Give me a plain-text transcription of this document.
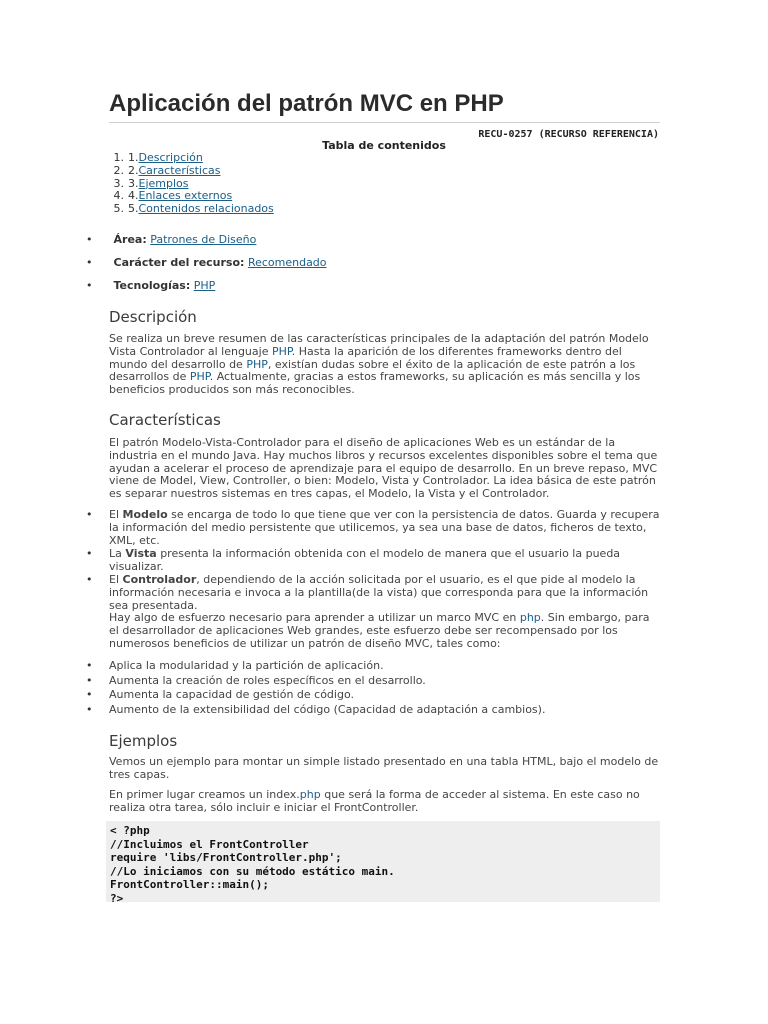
Aplicación del patrón MVC en PHP
RECU-0257 (RECURSO REFERENCIA)
Tabla de contenidos
1. 1. Descripción
2. 2. Características
3. 3. Ejemplos
4. 4. Enlaces externos
5. 5. Contenidos relacionados
• Área: Patrones de Diseño
• Carácter del recurso: Recomendado
• Tecnologías: PHP
Descripción
Se realiza un breve resumen de las características principales de la adaptación del patrón Modelo Vista Controlador al lenguaje PHP. Hasta la aparición de los diferentes frameworks dentro del mundo del desarrollo de PHP, existían dudas sobre el éxito de la aplicación de este patrón a los desarrollos de PHP. Actualmente, gracias a estos frameworks, su aplicación es más sencilla y los beneficios producidos son más reconocibles.
Características
El patrón Modelo-Vista-Controlador para el diseño de aplicaciones Web es un estándar de la industria en el mundo Java. Hay muchos libros y recursos excelentes disponibles sobre el tema que ayudan a acelerar el proceso de aprendizaje para el equipo de desarrollo. En un breve repaso, MVC viene de Model, View, Controller, o bien: Modelo, Vista y Controlador. La idea básica de este patrón es separar nuestros sistemas en tres capas, el Modelo, la Vista y el Controlador.
•	El Modelo se encarga de todo lo que tiene que ver con la persistencia de datos. Guarda y recupera la información del medio persistente que utilicemos, ya sea una base de datos, ficheros de texto, XML, etc.
•	La Vista presenta la información obtenida con el modelo de manera que el usuario la pueda visualizar.
•	El Controlador, dependiendo de la acción solicitada por el usuario, es el que pide al modelo la información necesaria e invoca a la plantilla(de la vista) que corresponda para que la información sea presentada.
Hay algo de esfuerzo necesario para aprender a utilizar un marco MVC en php. Sin embargo, para el desarrollador de aplicaciones Web grandes, este esfuerzo debe ser recompensado por los numerosos beneficios de utilizar un patrón de diseño MVC, tales como:
•	Aplica la modularidad y la partición de aplicación.
•	Aumenta la creación de roles específicos en el desarrollo.
•	Aumenta la capacidad de gestión de código.
•	Aumento de la extensibilidad del código (Capacidad de adaptación a cambios).
Ejemplos
Vemos un ejemplo para montar un simple listado presentado en una tabla HTML, bajo el modelo de tres capas.
En primer lugar creamos un index.php que será la forma de acceder al sistema. En este caso no realiza otra tarea, sólo incluir e iniciar el FrontController.
< ?php
//Incluimos el FrontController
require 'libs/FrontController.php';
//Lo iniciamos con su método estático main.
FrontController::main();
?>
